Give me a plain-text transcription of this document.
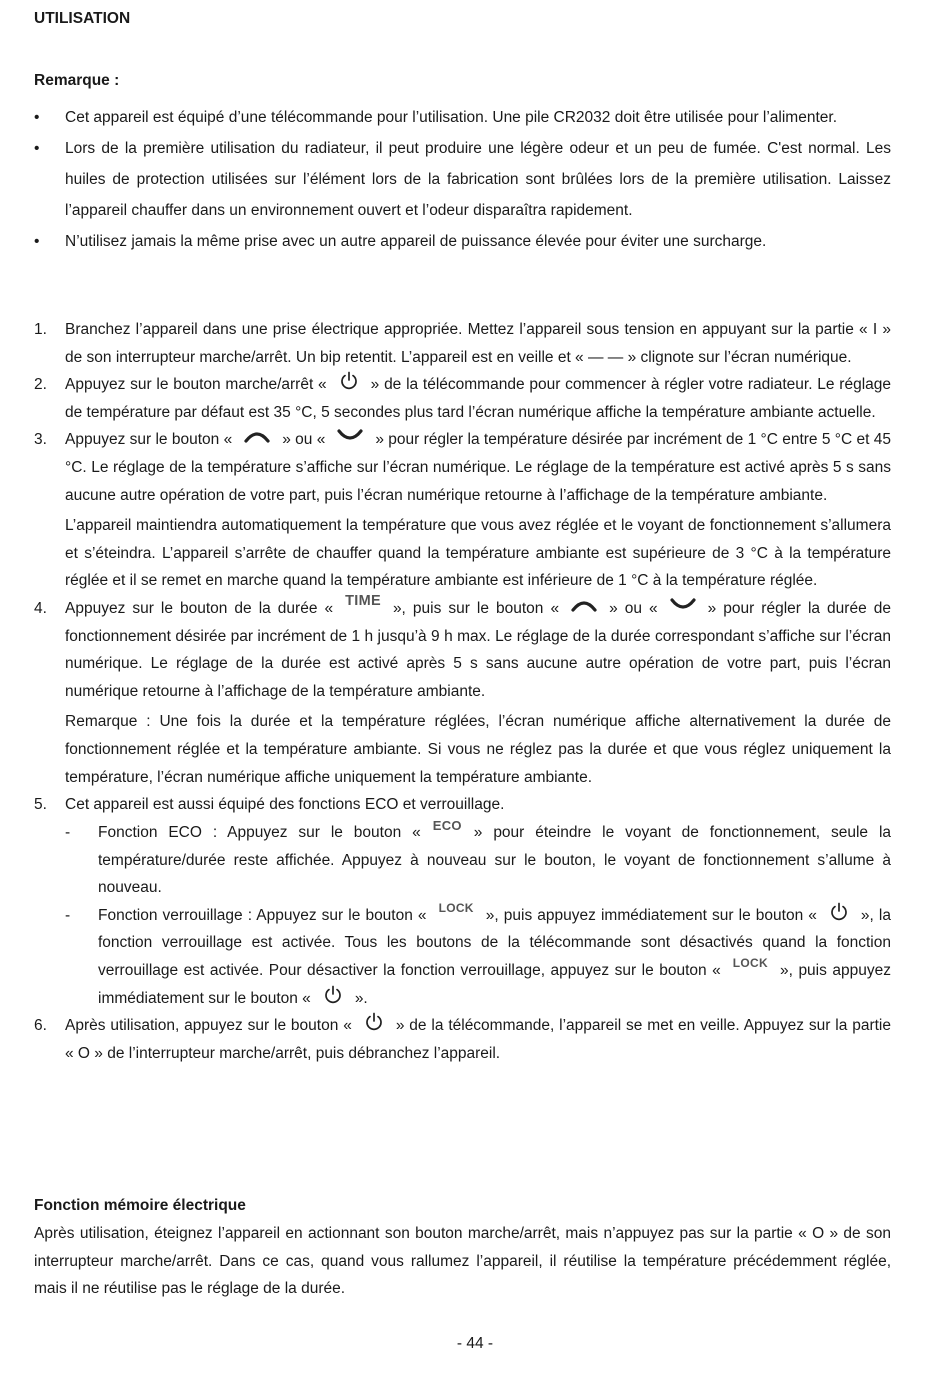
UTILISATION
Remarque :
• Cet appareil est équipé d’une télécommande pour l’utilisation. Une pile CR2032 doit être utilisée pour l’alimenter.
• Lors de la première utilisation du radiateur, il peut produire une légère odeur et un peu de fumée. C'est normal. Les huiles de protection utilisées sur l’élément lors de la fabrication sont brûlées lors de la première utilisation. Laissez l’appareil chauffer dans un environnement ouvert et l’odeur disparaîtra rapidement.
• N’utilisez jamais la même prise avec un autre appareil de puissance élevée pour éviter une surcharge.
1. Branchez l’appareil dans une prise électrique appropriée. Mettez l’appareil sous tension en appuyant sur la partie « I » de son interrupteur marche/arrêt. Un bip retentit. L’appareil est en veille et « — — » clignote sur l’écran numérique.

2. Appuyez sur le bouton marche/arrêt «	» de la télécommande pour commencer à régler votre radiateur. Le réglage de température par défaut est 35 °C, 5 secondes plus tard l’écran numérique affiche la température ambiante actuelle.

3. Appuyez sur le bouton «	» ou «	» pour régler la température désirée par incrément de 1 °C entre 5 °C et 45 °C. Le réglage de la température s’affiche sur l’écran numérique. Le réglage de la température est activé après 5 s sans aucune autre opération de votre part, puis l’écran numérique retourne à l’affichage de la température ambiante.

L’appareil maintiendra automatiquement la température que vous avez réglée et le voyant de fonctionnement s’allumera et s’éteindra. L’appareil s’arrête de chauffer quand la température ambiante est supérieure de 3 °C à la température réglée et il se remet en marche quand la température ambiante est inférieure de 1 °C à la température réglée.

4. Appuyez sur le bouton de la durée « TIME », puis sur le bouton «	» ou «	» pour régler la durée de fonctionnement désirée par incrément de 1 h jusqu’à 9 h max. Le réglage de la durée correspondant s’affiche sur l’écran numérique. Le réglage de la durée est activé après 5 s sans aucune autre opération de votre part, puis l’écran numérique retourne à l’affichage de la température ambiante.

Remarque : Une fois la durée et la température réglées, l’écran numérique affiche alternativement la durée de fonctionnement réglée et la température ambiante. Si vous ne réglez pas la durée et que vous réglez uniquement la température, l’écran numérique affiche uniquement la température ambiante.

5. Cet appareil est aussi équipé des fonctions ECO et verrouillage.

- Fonction ECO : Appuyez sur le bouton « ECO » pour éteindre le voyant de fonctionnement, seule la température/durée reste affichée. Appuyez à nouveau sur le bouton, le voyant de fonctionnement s’allume à nouveau.
- Fonction verrouillage : Appuyez sur le bouton « LOCK », puis appuyez immédiatement sur le bouton «	», la fonction verrouillage est activée. Tous les boutons de la télécommande sont désactivés quand la fonction verrouillage est activée. Pour désactiver la fonction verrouillage, appuyez sur le bouton « LOCK », puis appuyez immédiatement sur le bouton «	».
6. Après utilisation, appuyez sur le bouton «	» de la télécommande, l’appareil se met en veille. Appuyez sur la partie « O » de l’interrupteur marche/arrêt, puis débranchez l’appareil.

Fonction mémoire électrique

Après utilisation, éteignez l’appareil en actionnant son bouton marche/arrêt, mais n’appuyez pas sur la partie « O » de son interrupteur marche/arrêt. Dans ce cas, quand vous rallumez l’appareil, il réutilise la température précédemment réglée, mais il ne réutilise pas le réglage de la durée.

- 44 -
